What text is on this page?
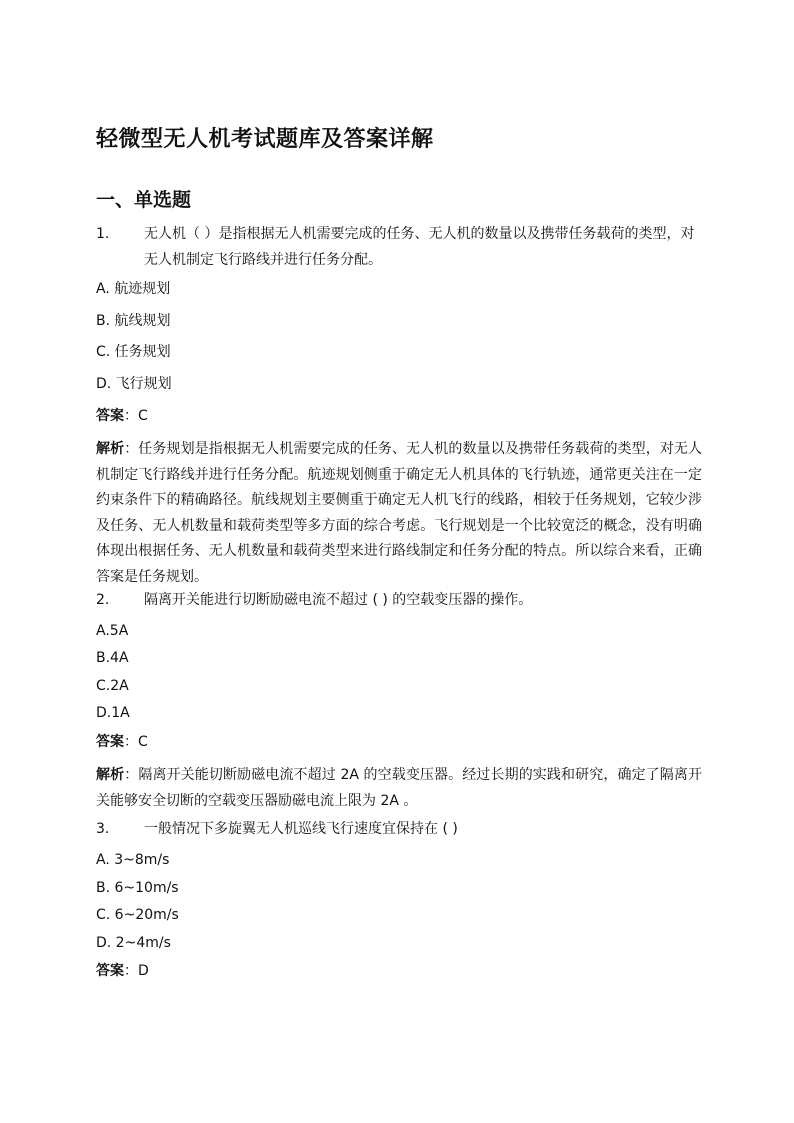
轻微型无人机考试题库及答案详解
一、单选题
1. 无人机（ ）是指根据无人机需要完成的任务、无人机的数量以及携带任务载荷的类型，对无人机制定飞行路线并进行任务分配。
A. 航迹规划
B. 航线规划
C. 任务规划
D. 飞行规划
答案：C
解析：任务规划是指根据无人机需要完成的任务、无人机的数量以及携带任务载荷的类型，对无人机制定飞行路线并进行任务分配。航迹规划侧重于确定无人机具体的飞行轨迹，通常更关注在一定约束条件下的精确路径。航线规划主要侧重于确定无人机飞行的线路，相较于任务规划，它较少涉及任务、无人机数量和载荷类型等多方面的综合考虑。飞行规划是一个比较宽泛的概念，没有明确体现出根据任务、无人机数量和载荷类型来进行路线制定和任务分配的特点。所以综合来看，正确答案是任务规划。
2. 隔离开关能进行切断励磁电流不超过 ( ) 的空载变压器的操作。
A.5A
B.4A
C.2A
D.1A
答案：C
解析：隔离开关能切断励磁电流不超过 2A 的空载变压器。经过长期的实践和研究，确定了隔离开关能够安全切断的空载变压器励磁电流上限为 2A 。
3. 一般情况下多旋翼无人机巡线飞行速度宜保持在 ( )
A. 3~8m/s
B. 6~10m/s
C. 6~20m/s
D. 2~4m/s
答案：D
